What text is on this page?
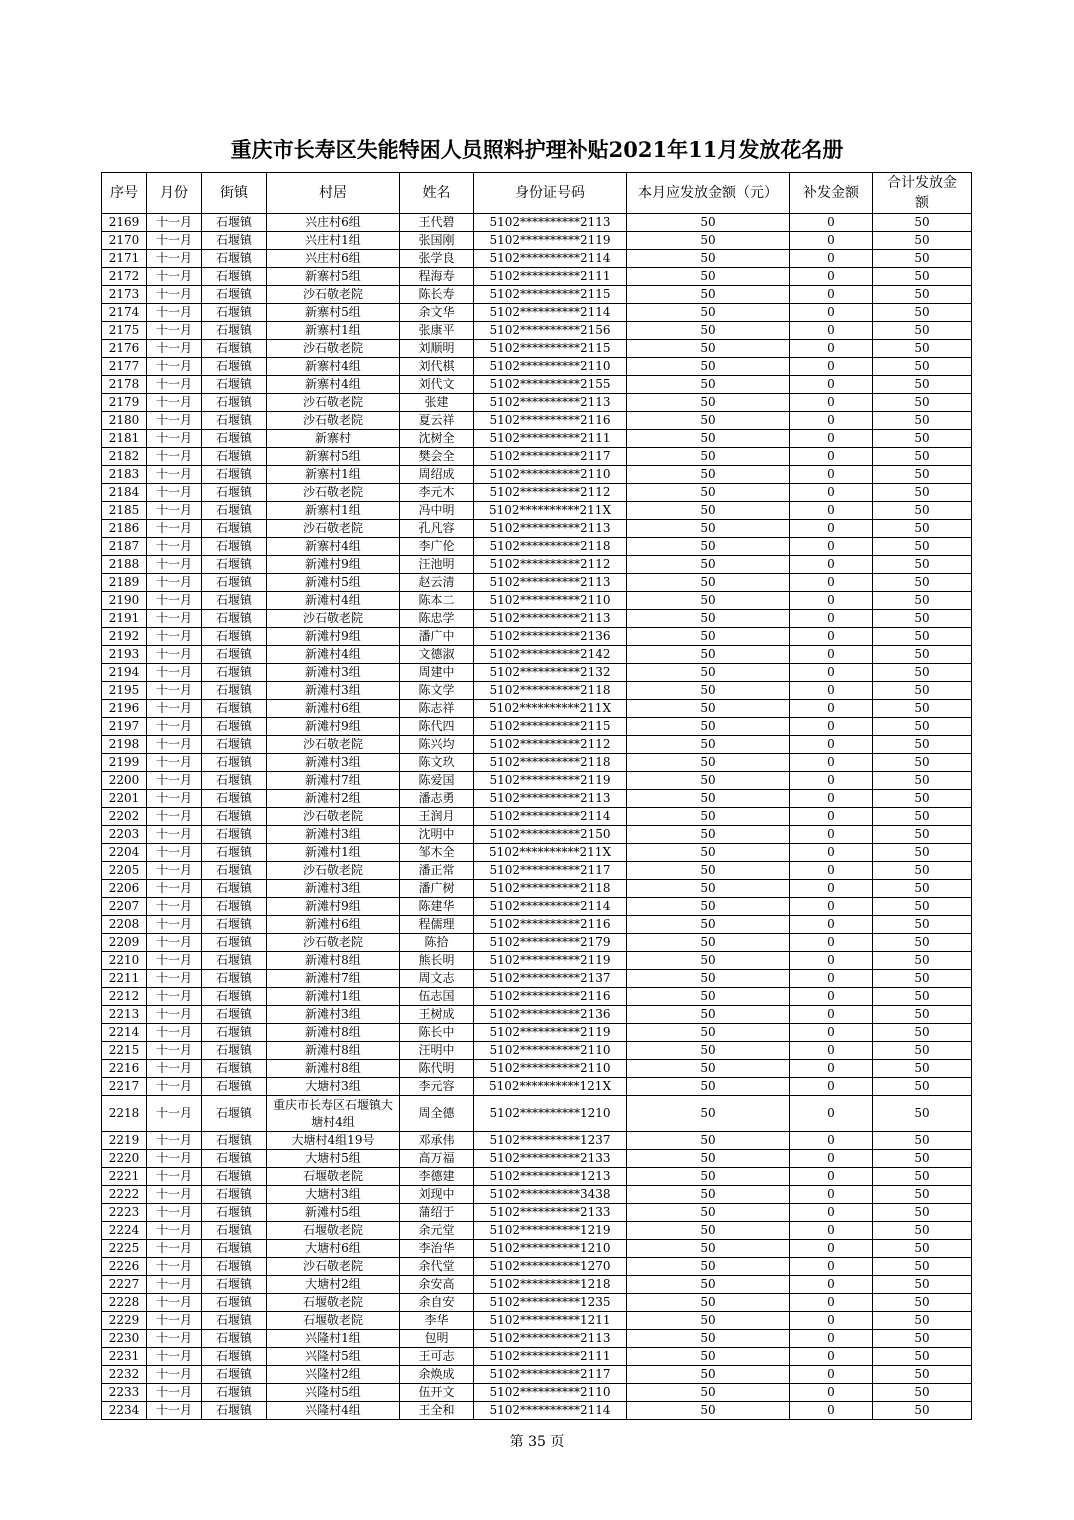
重庆市长寿区失能特困人员照料护理补贴2021年11月发放花名册
序号	月份	街镇	村居	姓名	身份证号码	本月应发放金额（元）	补发金额	合计发放金额
2169	十一月	石堰镇	兴庄村6组	王代碧	5102**********2113	50	0	50
2170	十一月	石堰镇	兴庄村1组	张国刚	5102**********2119	50	0	50
2171	十一月	石堰镇	兴庄村6组	张学良	5102**********2114	50	0	50
2172	十一月	石堰镇	新寨村5组	程海寿	5102**********2111	50	0	50
2173	十一月	石堰镇	沙石敬老院	陈长寿	5102**********2115	50	0	50
2174	十一月	石堰镇	新寨村5组	余文华	5102**********2114	50	0	50
2175	十一月	石堰镇	新寨村1组	张康平	5102**********2156	50	0	50
2176	十一月	石堰镇	沙石敬老院	刘顺明	5102**********2115	50	0	50
2177	十一月	石堰镇	新寨村4组	刘代棋	5102**********2110	50	0	50
2178	十一月	石堰镇	新寨村4组	刘代文	5102**********2155	50	0	50
2179	十一月	石堰镇	沙石敬老院	张建	5102**********2113	50	0	50
2180	十一月	石堰镇	沙石敬老院	夏云祥	5102**********2116	50	0	50
2181	十一月	石堰镇	新寨村	沈树全	5102**********2111	50	0	50
2182	十一月	石堰镇	新寨村5组	樊会全	5102**********2117	50	0	50
2183	十一月	石堰镇	新寨村1组	周绍成	5102**********2110	50	0	50
2184	十一月	石堰镇	沙石敬老院	李元木	5102**********2112	50	0	50
2185	十一月	石堰镇	新寨村1组	冯中明	5102**********211X	50	0	50
2186	十一月	石堰镇	沙石敬老院	孔凡容	5102**********2113	50	0	50
2187	十一月	石堰镇	新寨村4组	李广伦	5102**********2118	50	0	50
2188	十一月	石堰镇	新滩村9组	汪池明	5102**********2112	50	0	50
2189	十一月	石堰镇	新滩村5组	赵云清	5102**********2113	50	0	50
2190	十一月	石堰镇	新滩村4组	陈本二	5102**********2110	50	0	50
2191	十一月	石堰镇	沙石敬老院	陈忠学	5102**********2113	50	0	50
2192	十一月	石堰镇	新滩村9组	潘广中	5102**********2136	50	0	50
2193	十一月	石堰镇	新滩村4组	文德淑	5102**********2142	50	0	50
2194	十一月	石堰镇	新滩村3组	周建中	5102**********2132	50	0	50
2195	十一月	石堰镇	新滩村3组	陈文学	5102**********2118	50	0	50
2196	十一月	石堰镇	新滩村6组	陈志祥	5102**********211X	50	0	50
2197	十一月	石堰镇	新滩村9组	陈代四	5102**********2115	50	0	50
2198	十一月	石堰镇	沙石敬老院	陈兴均	5102**********2112	50	0	50
2199	十一月	石堰镇	新滩村3组	陈文玖	5102**********2118	50	0	50
2200	十一月	石堰镇	新滩村7组	陈爱国	5102**********2119	50	0	50
2201	十一月	石堰镇	新滩村2组	潘志勇	5102**********2113	50	0	50
2202	十一月	石堰镇	沙石敬老院	王润月	5102**********2114	50	0	50
2203	十一月	石堰镇	新滩村3组	沈明中	5102**********2150	50	0	50
2204	十一月	石堰镇	新滩村1组	邹木全	5102**********211X	50	0	50
2205	十一月	石堰镇	沙石敬老院	潘正常	5102**********2117	50	0	50
2206	十一月	石堰镇	新滩村3组	潘广树	5102**********2118	50	0	50
2207	十一月	石堰镇	新滩村9组	陈建华	5102**********2114	50	0	50
2208	十一月	石堰镇	新滩村6组	程儒理	5102**********2116	50	0	50
2209	十一月	石堰镇	沙石敬老院	陈拾	5102**********2179	50	0	50
2210	十一月	石堰镇	新滩村8组	熊长明	5102**********2119	50	0	50
2211	十一月	石堰镇	新滩村7组	周文志	5102**********2137	50	0	50
2212	十一月	石堰镇	新滩村1组	伍志国	5102**********2116	50	0	50
2213	十一月	石堰镇	新滩村3组	王树成	5102**********2136	50	0	50
2214	十一月	石堰镇	新滩村8组	陈长中	5102**********2119	50	0	50
2215	十一月	石堰镇	新滩村8组	汪明中	5102**********2110	50	0	50
2216	十一月	石堰镇	新滩村8组	陈代明	5102**********2110	50	0	50
2217	十一月	石堰镇	大塘村3组	李元容	5102**********121X	50	0	50
2218	十一月	石堰镇	重庆市长寿区石堰镇大塘村4组	周全德	5102**********1210	50	0	50
2219	十一月	石堰镇	大塘村4组19号	邓承伟	5102**********1237	50	0	50
2220	十一月	石堰镇	大塘村5组	高万福	5102**********2133	50	0	50
2221	十一月	石堰镇	石堰敬老院	李德建	5102**********1213	50	0	50
2222	十一月	石堰镇	大塘村3组	刘现中	5102**********3438	50	0	50
2223	十一月	石堰镇	新滩村5组	蒲绍于	5102**********2133	50	0	50
2224	十一月	石堰镇	石堰敬老院	余元堂	5102**********1219	50	0	50
2225	十一月	石堰镇	大塘村6组	李治华	5102**********1210	50	0	50
2226	十一月	石堰镇	沙石敬老院	余代堂	5102**********1270	50	0	50
2227	十一月	石堰镇	大塘村2组	余安高	5102**********1218	50	0	50
2228	十一月	石堰镇	石堰敬老院	余自安	5102**********1235	50	0	50
2229	十一月	石堰镇	石堰敬老院	李华	5102**********1211	50	0	50
2230	十一月	石堰镇	兴隆村1组	包明	5102**********2113	50	0	50
2231	十一月	石堰镇	兴隆村5组	王可志	5102**********2111	50	0	50
2232	十一月	石堰镇	兴隆村2组	余焕成	5102**********2117	50	0	50
2233	十一月	石堰镇	兴隆村5组	伍开文	5102**********2110	50	0	50
2234	十一月	石堰镇	兴隆村4组	王全和	5102**********2114	50	0	50
第 35 页
